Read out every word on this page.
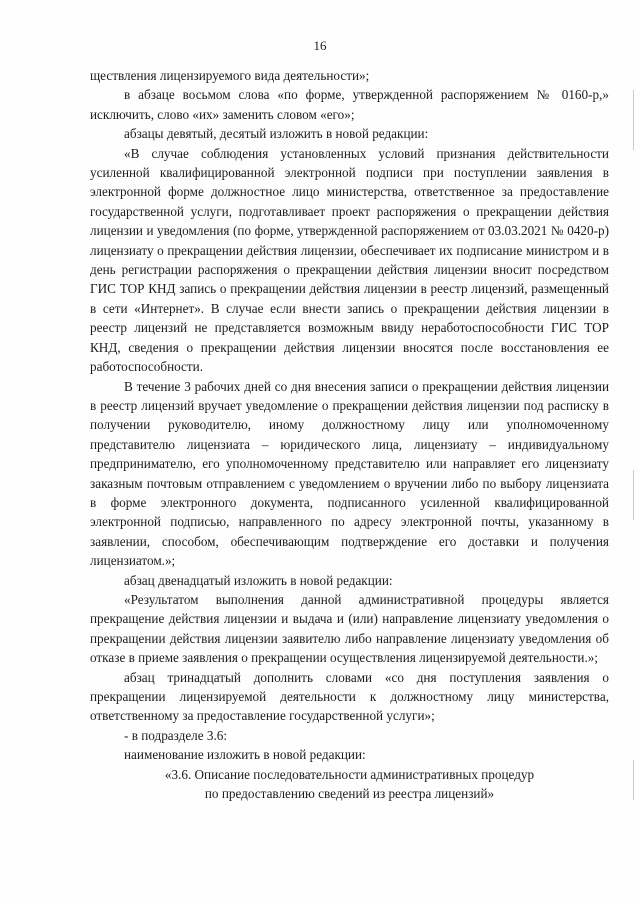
16

ществления лицензируемого вида деятельности»;

в абзаце восьмом слова «по форме, утвержденной распоряжением № 0160-р,» исключить, слово «их» заменить словом «его»;

абзацы девятый, десятый изложить в новой редакции:

«В случае соблюдения установленных условий признания действительности усиленной квалифицированной электронной подписи при поступлении заявления в электронной форме должностное лицо министерства, ответственное за предоставление государственной услуги, подготавливает проект распоряжения о прекращении действия лицензии и уведомления (по форме, утвержденной распоряжением от 03.03.2021 № 0420-р) лицензиату о прекращении действия лицензии, обеспечивает их подписание министром и в день регистрации распоряжения о прекращении действия лицензии вносит посредством ГИС ТОР КНД запись о прекращении действия лицензии в реестр лицензий, размещенный в сети «Интернет». В случае если внести запись о прекращении действия лицензии в реестр лицензий не представляется возможным ввиду неработоспособности ГИС ТОР КНД, сведения о прекращении действия лицензии вносятся после восстановления ее работоспособности.

В течение 3 рабочих дней со дня внесения записи о прекращении действия лицензии в реестр лицензий вручает уведомление о прекращении действия лицензии под расписку в получении руководителю, иному должностному лицу или уполномоченному представителю лицензиата – юридического лица, лицензиату – индивидуальному предпринимателю, его уполномоченному представителю или направляет его лицензиату заказным почтовым отправлением с уведомлением о вручении либо по выбору лицензиата в форме электронного документа, подписанного усиленной квалифицированной электронной подписью, направленного по адресу электронной почты, указанному в заявлении, способом, обеспечивающим подтверждение его доставки и получения лицензиатом.»;

абзац двенадцатый изложить в новой редакции:

«Результатом выполнения данной административной процедуры является прекращение действия лицензии и выдача и (или) направление лицензиату уведомления о прекращении действия лицензии заявителю либо направление лицензиату уведомления об отказе в приеме заявления о прекращении осуществления лицензируемой деятельности.»;

абзац тринадцатый дополнить словами «со дня поступления заявления о прекращении лицензируемой деятельности к должностному лицу министерства, ответственному за предоставление государственной услуги»;

- в подразделе 3.6:

наименование изложить в новой редакции:

«3.6. Описание последовательности административных процедур

по предоставлению сведений из реестра лицензий»
